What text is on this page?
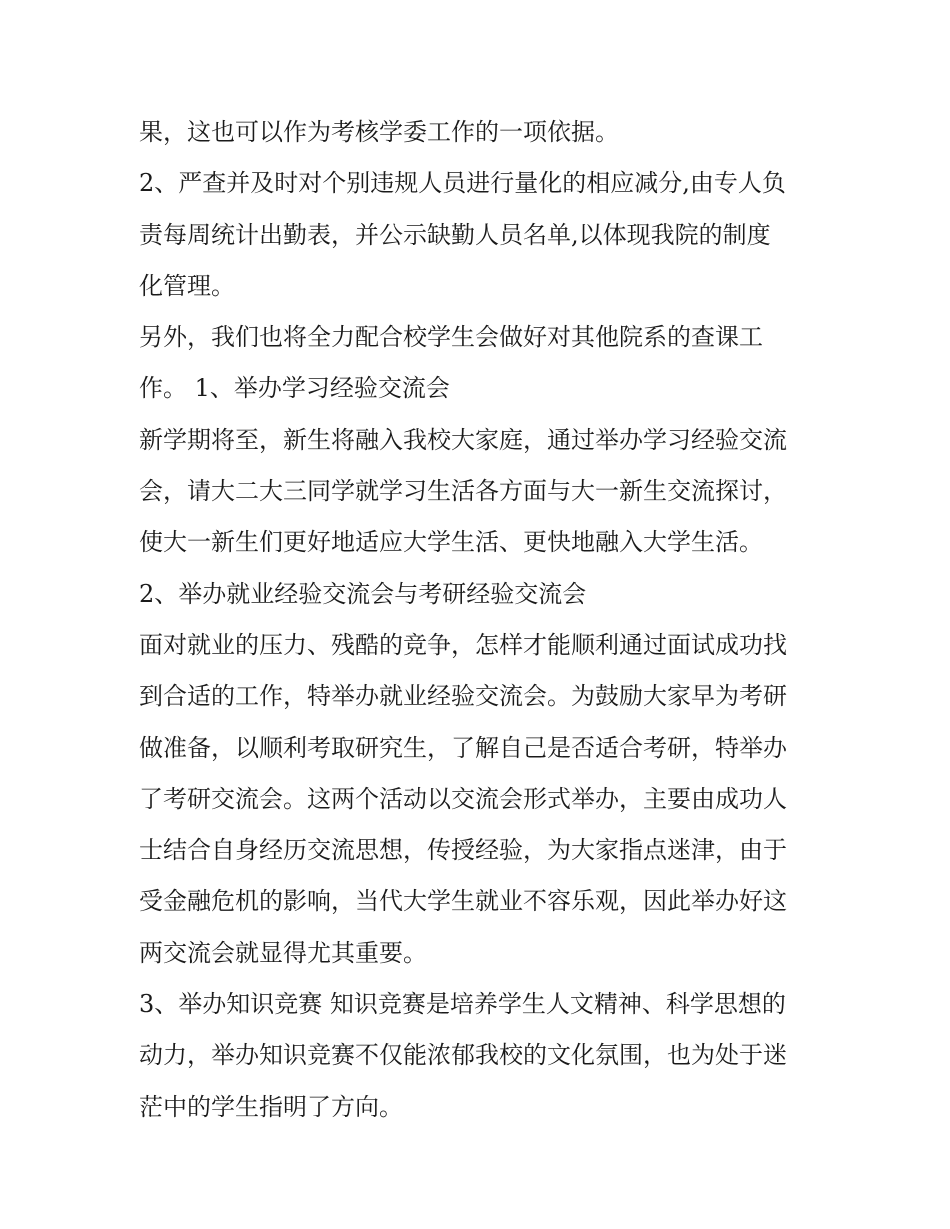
果，这也可以作为考核学委工作的一项依据。
2、严查并及时对个别违规人员进行量化的相应减分,由专人负
责每周统计出勤表，并公示缺勤人员名单,以体现我院的制度
化管理。
另外，我们也将全力配合校学生会做好对其他院系的查课工
作。 1、举办学习经验交流会
新学期将至，新生将融入我校大家庭，通过举办学习经验交流
会，请大二大三同学就学习生活各方面与大一新生交流探讨，
使大一新生们更好地适应大学生活、更快地融入大学生活。
2、举办就业经验交流会与考研经验交流会
面对就业的压力、残酷的竞争，怎样才能顺利通过面试成功找
到合适的工作，特举办就业经验交流会。为鼓励大家早为考研
做准备，以顺利考取研究生，了解自己是否适合考研，特举办
了考研交流会。这两个活动以交流会形式举办，主要由成功人
士结合自身经历交流思想，传授经验，为大家指点迷津，由于
受金融危机的影响，当代大学生就业不容乐观，因此举办好这
两交流会就显得尤其重要。
3、举办知识竞赛 知识竞赛是培养学生人文精神、科学思想的
动力，举办知识竞赛不仅能浓郁我校的文化氛围，也为处于迷
茫中的学生指明了方向。
